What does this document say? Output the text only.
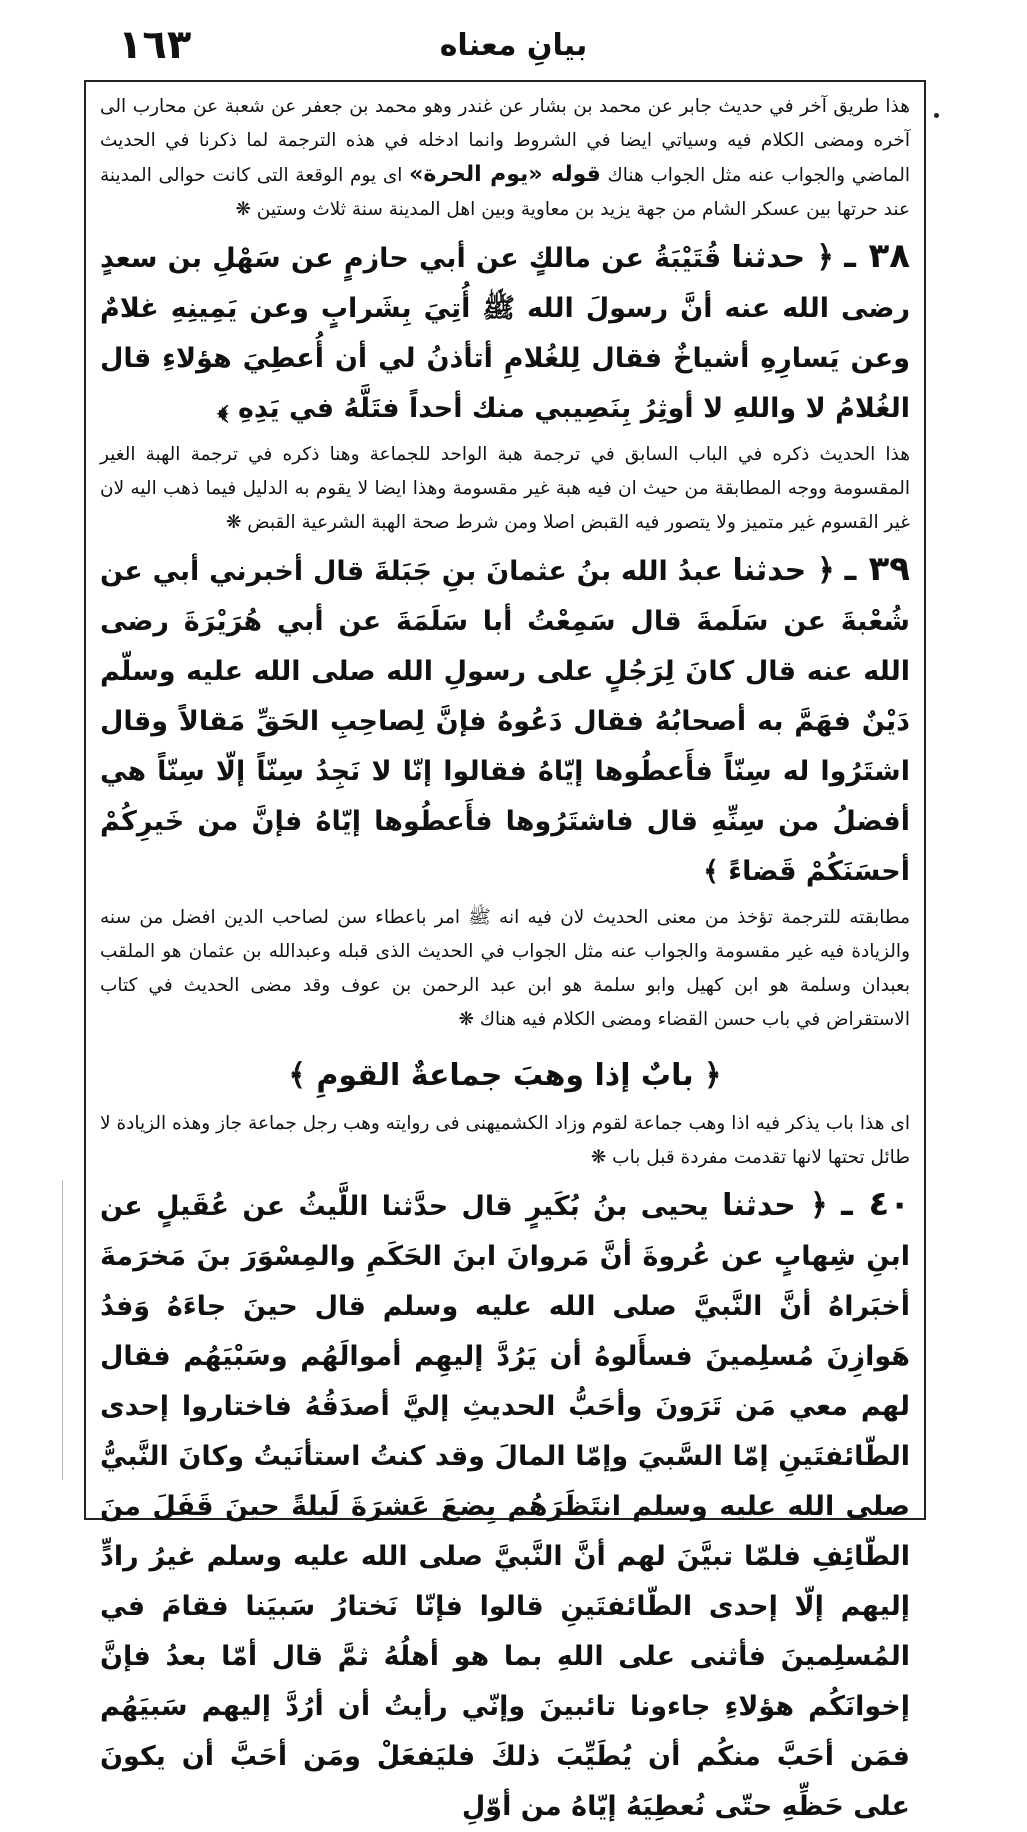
١٦٣	بيانِ معناه

هذا طريق آخر في حديث جابر عن محمد بن بشار عن غندر وهو محمد بن جعفر عن شعبة عن محارب الى آخره ومضى الكلام فيه وسياتي ايضا في الشروط وانما ادخله في هذه الترجمة لما ذكرنا في الحديث الماضي والجواب عنه مثل الجواب هناك قوله «يوم الحرة» اى يوم الوقعة التى كانت حوالى المدينة عند حرتها بين عسكر الشام من جهة يزيد بن معاوية وبين اهل المدينة سنة ثلاث وستين ❋

٣٨ ـ ﴿ حدثنا قُتَيْبَةُ عن مالكٍ عن أبي حازمٍ عن سَهْلِ بن سعدٍ رضى الله عنه أنَّ رسولَ الله ﷺ أُتِيَ بِشَرابٍ وعن يَمِينِهِ غلامٌ وعن يَسارِهِ أشياخٌ فقال لِلغُلامِ أتأذنُ لي أن أُعطِيَ هؤلاءِ قال الغُلامُ لا واللهِ لا أوثِرُ بِنَصِيبي منك أحداً فتَلَّهُ في يَدِهِ ﴾

هذا الحديث ذكره في الباب السابق في ترجمة هبة الواحد للجماعة وهنا ذكره في ترجمة الهبة الغير المقسومة ووجه المطابقة من حيث ان فيه هبة غير مقسومة وهذا ايضا لا يقوم به الدليل فيما ذهب اليه لان غير القسوم غير متميز ولا يتصور فيه القبض اصلا ومن شرط صحة الهبة الشرعية القبض ❋

٣٩ ـ ﴿ حدثنا عبدُ الله بنُ عثمانَ بنِ جَبَلةَ قال أخبرني أبي عن شُعْبةَ عن سَلَمةَ قال سَمِعْتُ أبا سَلَمَةَ عن أبي هُرَيْرَةَ رضى الله عنه قال كانَ لِرَجُلٍ على رسولِ الله صلى الله عليه وسلّم دَيْنٌ فهَمَّ به أصحابُهُ فقال دَعُوهُ فإنَّ لِصاحِبِ الحَقِّ مَقالاً وقال اشتَرُوا له سِنّاً فأَعطُوها إيّاهُ فقالوا إنّا لا نَجِدُ سِنّاً إلّا سِنّاً هي أفضلُ من سِنِّهِ قال فاشتَرُوها فأَعطُوها إيّاهُ فإنَّ من خَيرِكُمْ أحسَنَكُمْ قَضاءً ﴾

مطابقته للترجمة تؤخذ من معنى الحديث لان فيه انه ﷺ امر باعطاء سن لصاحب الدين افضل من سنه والزيادة فيه غير مقسومة والجواب عنه مثل الجواب في الحديث الذى قبله وعبدالله بن عثمان هو الملقب بعبدان وسلمة هو ابن كهيل وابو سلمة هو ابن عبد الرحمن بن عوف وقد مضى الحديث في كتاب الاستقراض في باب حسن القضاء ومضى الكلام فيه هناك ❋

﴿ بابٌ إذا وهبَ جماعةٌ القومِ ﴾

اى هذا باب يذكر فيه اذا وهب جماعة لقوم وزاد الكشميهنى فى روايته وهب رجل جماعة جاز وهذه الزيادة لا طائل تحتها لانها تقدمت مفردة قبل باب ❋

٤٠ ـ ﴿ حدثنا يحيى بنُ بُكَيرٍ قال حدَّثنا اللَّيثُ عن عُقَيلٍ عن ابنِ شِهابٍ عن عُروةَ أنَّ مَروانَ ابنَ الحَكَمِ والمِسْوَرَ بنَ مَخرَمةَ أخبَراهُ أنَّ النَّبيَّ صلى الله عليه وسلم قال حينَ جاءَهُ وَفدُ هَوازِنَ مُسلِمينَ فسأَلوهُ أن يَرُدَّ إليهِم أموالَهُم وسَبْيَهُم فقال لهم معي مَن تَرَونَ وأحَبُّ الحديثِ إليَّ أصدَقُهُ فاختاروا إحدى الطّائفتَينِ إمّا السَّبيَ وإمّا المالَ وقد كنتُ استأنَيتُ وكانَ النَّبيُّ صلى الله عليه وسلم انتَظَرَهُم بِضعَ عَشرَةَ لَيلةً حينَ قَفَلَ منَ الطّائِفِ فلمّا تبيَّنَ لهم أنَّ النَّبيَّ صلى الله عليه وسلم غيرُ رادٍّ إليهم إلّا إحدى الطّائفتَينِ قالوا فإنّا نَختارُ سَبيَنا فقامَ في المُسلِمينَ فأثنى على اللهِ بما هو أهلُهُ ثمَّ قال أمّا بعدُ فإنَّ إخوانَكُم هؤلاءِ جاءونا تائبينَ وإنّي رأيتُ أن أرُدَّ إليهم سَبيَهُم فمَن أحَبَّ منكُم أن يُطَيِّبَ ذلكَ فليَفعَلْ ومَن أحَبَّ أن يكونَ على حَظِّهِ حتّى نُعطِيَهُ إيّاهُ من أوّلِ
